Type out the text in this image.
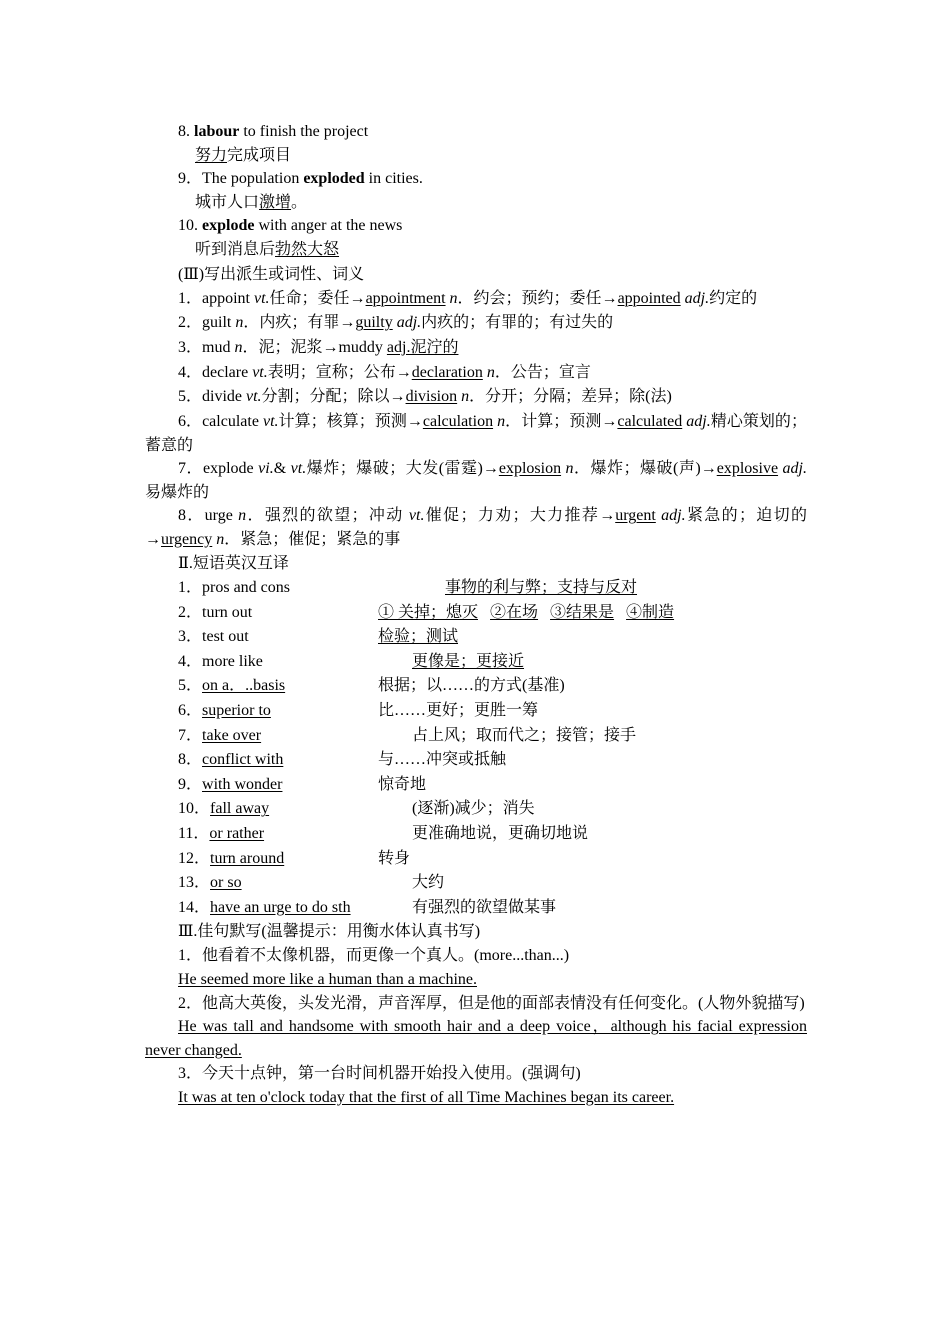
8. labour to finish the project
努力完成项目
9．The population exploded in cities.
城市人口激增。
10. explode with anger at the news
听到消息后勃然大怒
(Ⅲ)写出派生或词性、词义
1．appoint vt.任命；委任→appointment n．约会；预约；委任→appointed adj.约定的
2．guilt n．内疚；有罪→guilty adj.内疚的；有罪的；有过失的
3．mud n．泥；泥浆→muddy adj.泥泞的
4．declare vt.表明；宣称；公布→declaration n．公告；宣言
5．divide vt.分割；分配；除以→division n．分开；分隔；差异；除(法)
6．calculate vt.计算；核算；预测→calculation n．计算；预测→calculated adj.精心策划的；蓄意的
7．explode vi.& vt.爆炸；爆破；大发(雷霆)→explosion n．爆炸；爆破(声)→explosive adj.易爆炸的
8．urge n．强烈的欲望；冲动 vt.催促；力劝；大力推荐→urgent adj.紧急的；迫切的→urgency n．紧急；催促；紧急的事
Ⅱ.短语英汉互译
1．pros and cons	事物的利与弊；支持与反对
2．turn out	① 关掉；熄灭 ②在场 ③结果是 ④制造
3．test out	检验；测试
4．more like	更像是；更接近
5．on a．..basis	根据；以……的方式(基准)
6．superior to	比……更好；更胜一筹
7．take over	占上风；取而代之；接管；接手
8．conflict with	与……冲突或抵触
9．with wonder	惊奇地
10．fall away	(逐渐)减少；消失
11．or rather	更准确地说，更确切地说
12．turn around	转身
13．or so	大约
14．have an urge to do sth	有强烈的欲望做某事
Ⅲ.佳句默写(温馨提示：用衡水体认真书写)
1．他看着不太像机器，而更像一个真人。(more...than...)
He seemed more like a human than a machine.
2．他高大英俊，头发光滑，声音浑厚，但是他的面部表情没有任何变化。(人物外貌描写)
He was tall and handsome with smooth hair and a deep voice，although his facial expression never changed.
3．今天十点钟，第一台时间机器开始投入使用。(强调句)
It was at ten o'clock today that the first of all Time Machines began its career.
